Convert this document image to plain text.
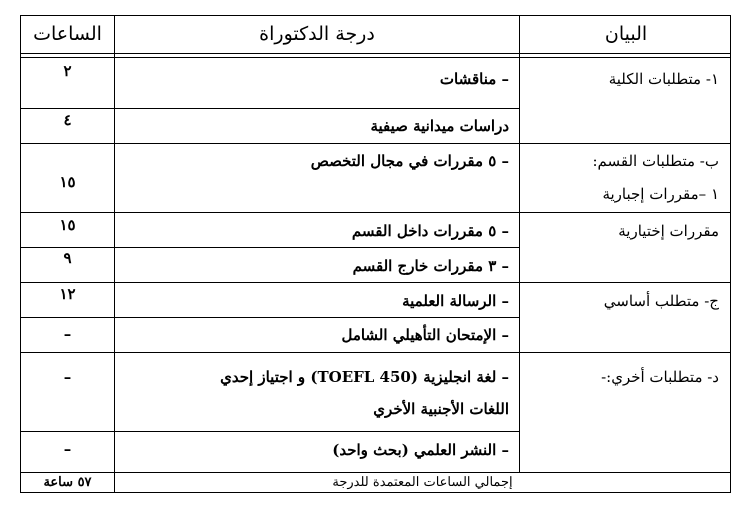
البيان
درجة الدكتوراة
الساعات
١- متطلبات الكلية
– مناقشات
٢
دراسات ميدانية صيفية
٤
ب- متطلبات القسم:
١ –مقررات إجبارية
– ٥ مقررات في مجال التخصص
١٥
مقررات إختيارية
– ٥ مقررات داخل القسم
١٥
– ٣ مقررات خارج القسم
٩
ج- متطلب أساسي
– الرسالة العلمية
١٢
– الإمتحان التأهيلي الشامل
–
د- متطلبات أخري:-
– لغة انجليزية (TOEFL 450) و اجتياز إحدي
اللغات الأجنبية الأخري
–
– النشر العلمي (بحث واحد)
–
إجمالي الساعات المعتمدة للدرجة
٥٧ ساعة
